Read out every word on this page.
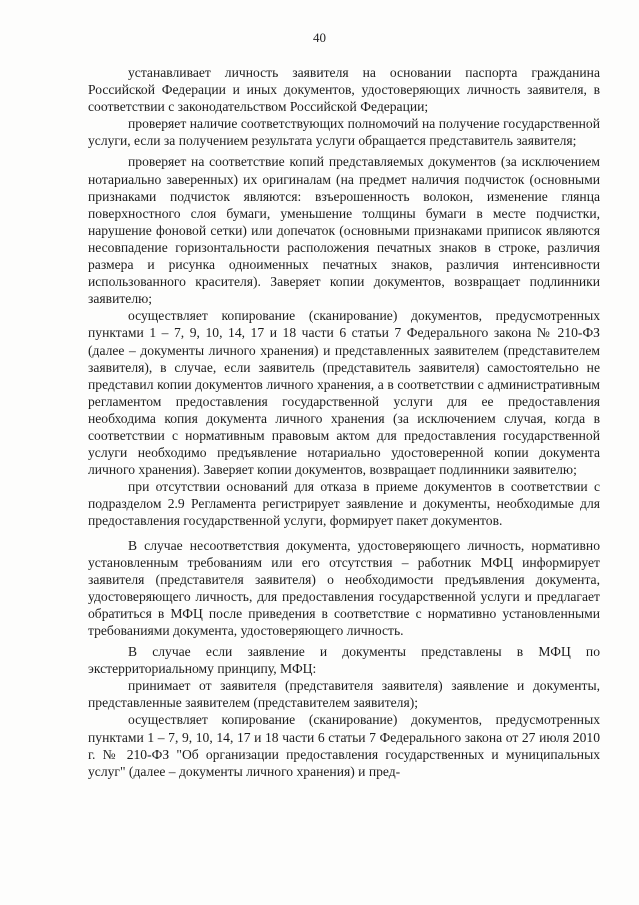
40

устанавливает личность заявителя на основании паспорта гражданина Российской Федерации и иных документов, удостоверяющих личность заявителя, в соответствии с законодательством Российской Федерации;

проверяет наличие соответствующих полномочий на получение государственной услуги, если за получением результата услуги обращается представитель заявителя;

проверяет на соответствие копий представляемых документов (за исключением нотариально заверенных) их оригиналам (на предмет наличия подчисток (основными признаками подчисток являются: взъерошенность волокон, изменение глянца поверхностного слоя бумаги, уменьшение толщины бумаги в месте подчистки, нарушение фоновой сетки) или допечаток (основными признаками приписок являются несовпадение горизонтальности расположения печатных знаков в строке, различия размера и рисунка одноименных печатных знаков, различия интенсивности использованного красителя). Заверяет копии документов, возвращает подлинники заявителю;

осуществляет копирование (сканирование) документов, предусмотренных пунктами 1 – 7, 9, 10, 14, 17 и 18 части 6 статьи 7 Федерального закона № 210-ФЗ (далее – документы личного хранения) и представленных заявителем (представителем заявителя), в случае, если заявитель (представитель заявителя) самостоятельно не представил копии документов личного хранения, а в соответствии с административным регламентом предоставления государственной услуги для ее предоставления необходима копия документа личного хранения (за исключением случая, когда в соответствии с нормативным правовым актом для предоставления государственной услуги необходимо предъявление нотариально удостоверенной копии документа личного хранения). Заверяет копии документов, возвращает подлинники заявителю;

при отсутствии оснований для отказа в приеме документов в соответствии с подразделом 2.9 Регламента регистрирует заявление и документы, необходимые для предоставления государственной услуги, формирует пакет документов.

В случае несоответствия документа, удостоверяющего личность, нормативно установленным требованиям или его отсутствия – работник МФЦ информирует заявителя (представителя заявителя) о необходимости предъявления документа, удостоверяющего личность, для предоставления государственной услуги и предлагает обратиться в МФЦ после приведения в соответствие с нормативно установленными требованиями документа, удостоверяющего личность.

В случае если заявление и документы представлены в МФЦ по экстерриториальному принципу, МФЦ:

принимает от заявителя (представителя заявителя) заявление и документы, представленные заявителем (представителем заявителя);

осуществляет копирование (сканирование) документов, предусмотренных пунктами 1 – 7, 9, 10, 14, 17 и 18 части 6 статьи 7 Федерального закона от 27 июля 2010 г. № 210-ФЗ "Об организации предоставления государственных и муниципальных услуг" (далее – документы личного хранения) и пред-
